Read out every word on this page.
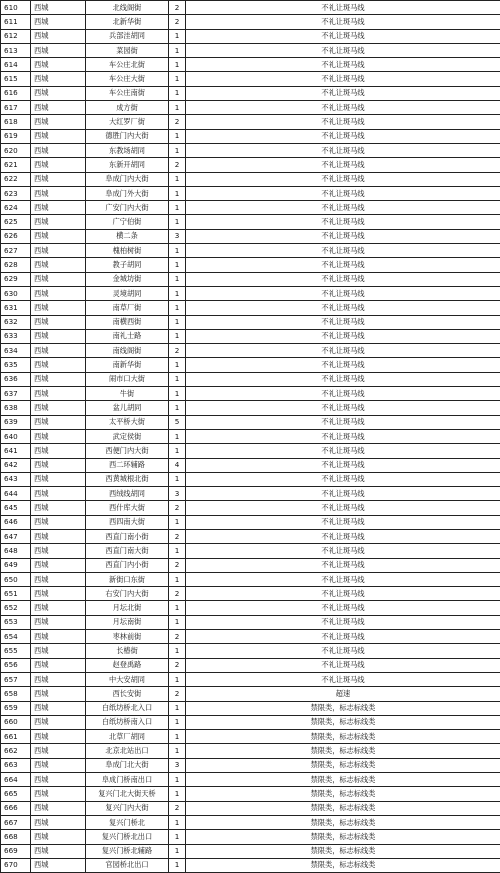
610	西城	北线阁街	2	不礼让斑马线
611	西城	北新华街	2	不礼让斑马线
612	西城	兵部洼胡同	1	不礼让斑马线
613	西城	菜园街	1	不礼让斑马线
614	西城	车公庄北街	1	不礼让斑马线
615	西城	车公庄大街	1	不礼让斑马线
616	西城	车公庄南街	1	不礼让斑马线
617	西城	成方街	1	不礼让斑马线
618	西城	大红罗厂街	2	不礼让斑马线
619	西城	德胜门内大街	1	不礼让斑马线
620	西城	东教场胡同	1	不礼让斑马线
621	西城	东新开胡同	2	不礼让斑马线
622	西城	阜成门内大街	1	不礼让斑马线
623	西城	阜成门外大街	1	不礼让斑马线
624	西城	广安门内大街	1	不礼让斑马线
625	西城	广宁伯街	1	不礼让斑马线
626	西城	横二条	3	不礼让斑马线
627	西城	槐柏树街	1	不礼让斑马线
628	西城	教子胡同	1	不礼让斑马线
629	西城	金城坊街	1	不礼让斑马线
630	西城	灵境胡同	1	不礼让斑马线
631	西城	南草厂街	1	不礼让斑马线
632	西城	南横西街	1	不礼让斑马线
633	西城	南礼士路	1	不礼让斑马线
634	西城	南线阁街	2	不礼让斑马线
635	西城	南新华街	1	不礼让斑马线
636	西城	闹市口大街	1	不礼让斑马线
637	西城	牛街	1	不礼让斑马线
638	西城	盆儿胡同	1	不礼让斑马线
639	西城	太平桥大街	5	不礼让斑马线
640	西城	武定侯街	1	不礼让斑马线
641	西城	西便门内大街	1	不礼让斑马线
642	西城	西二环辅路	4	不礼让斑马线
643	西城	西黄城根北街	1	不礼让斑马线
644	西城	西绒线胡同	3	不礼让斑马线
645	西城	西什库大街	2	不礼让斑马线
646	西城	西四南大街	1	不礼让斑马线
647	西城	西直门南小街	2	不礼让斑马线
648	西城	西直门南大街	1	不礼让斑马线
649	西城	西直门内小街	2	不礼让斑马线
650	西城	新街口东街	1	不礼让斑马线
651	西城	右安门内大街	2	不礼让斑马线
652	西城	月坛北街	1	不礼让斑马线
653	西城	月坛南街	1	不礼让斑马线
654	西城	枣林前街	2	不礼让斑马线
655	西城	长椿街	1	不礼让斑马线
656	西城	赵登禹路	2	不礼让斑马线
657	西城	中大安胡同	1	不礼让斑马线
658	西城	西长安街	2	超速
659	西城	白纸坊桥北入口	1	禁限类，标志标线类
660	西城	白纸坊桥南入口	1	禁限类，标志标线类
661	西城	北草厂胡同	1	禁限类，标志标线类
662	西城	北京北站出口	1	禁限类，标志标线类
663	西城	阜成门北大街	3	禁限类，标志标线类
664	西城	阜成门桥南出口	1	禁限类，标志标线类
665	西城	复兴门北大街天桥	1	禁限类，标志标线类
666	西城	复兴门内大街	2	禁限类，标志标线类
667	西城	复兴门桥北	1	禁限类，标志标线类
668	西城	复兴门桥北出口	1	禁限类，标志标线类
669	西城	复兴门桥北辅路	1	禁限类，标志标线类
670	西城	官园桥北出口	1	禁限类，标志标线类
